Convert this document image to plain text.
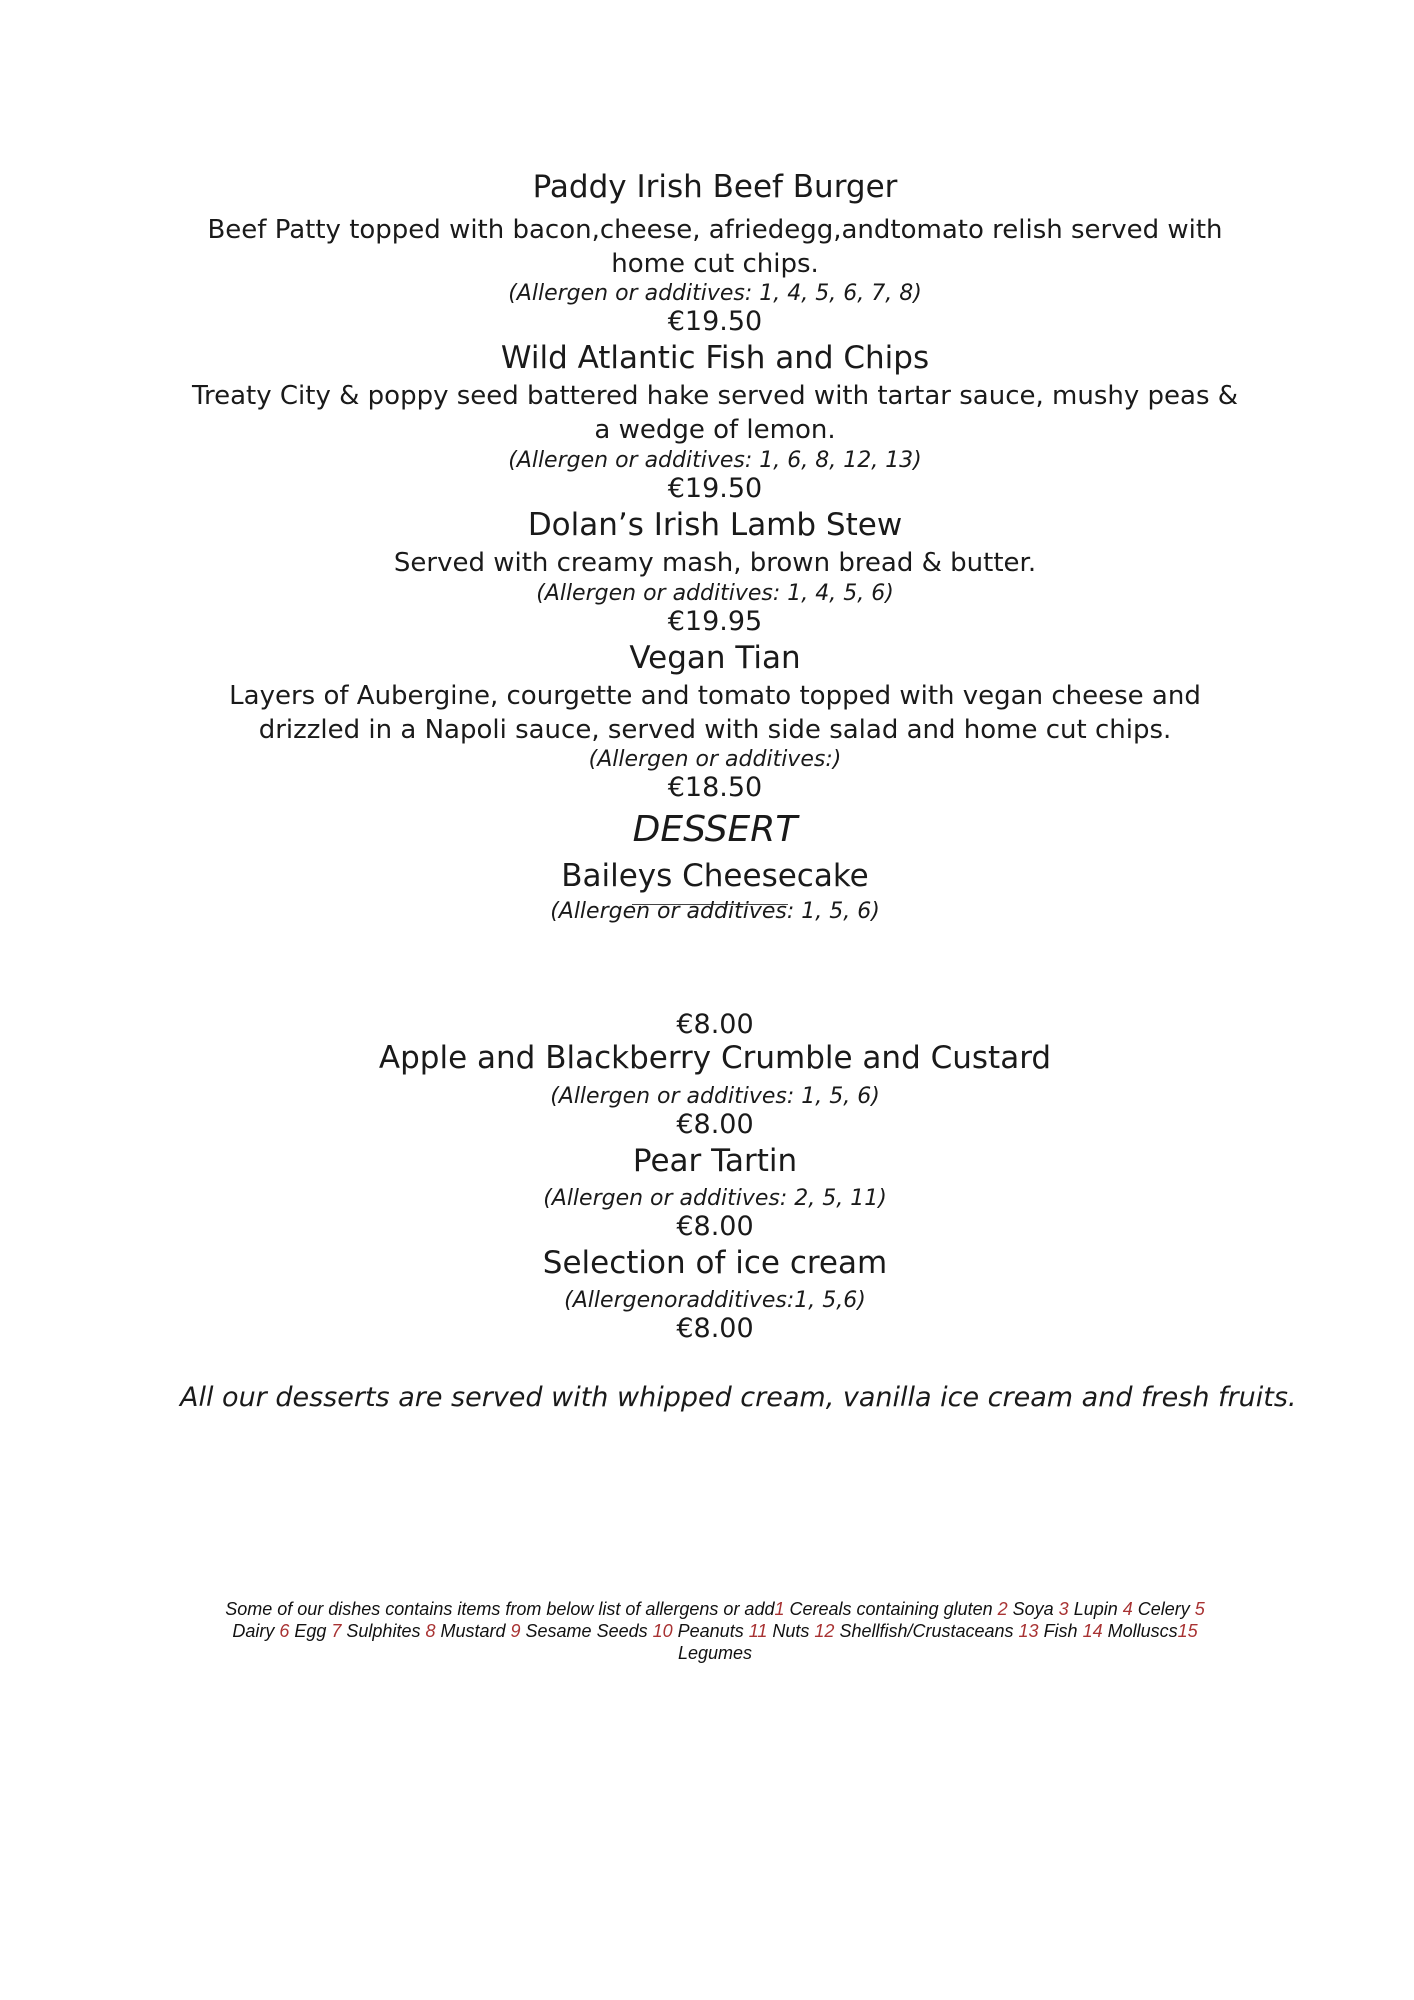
Paddy Irish Beef Burger
Beef Patty topped with bacon,cheese, afriedegg,andtomato relish served with home cut chips.
(Allergen or additives: 1, 4, 5, 6, 7, 8)
€19.50
Wild Atlantic Fish and Chips
Treaty City & poppy seed battered hake served with tartar sauce, mushy peas & a wedge of lemon.
(Allergen or additives: 1, 6, 8, 12, 13)
€19.50
Dolan’s Irish Lamb Stew
Served with creamy mash, brown bread & butter.
(Allergen or additives: 1, 4, 5, 6)
€19.95
Vegan Tian
Layers of Aubergine, courgette and tomato topped with vegan cheese and drizzled in a Napoli sauce, served with side salad and home cut chips.
(Allergen or additives:)
€18.50
DESSERT
Baileys Cheesecake
(Allergen or additives: 1, 5, 6)
€8.00
Apple and Blackberry Crumble and Custard
(Allergen or additives: 1, 5, 6)
€8.00
Pear Tartin
(Allergen or additives: 2, 5, 11)
€8.00
Selection of ice cream
(Allergenoradditives:1, 5,6)
€8.00
All our desserts are served with whipped cream, vanilla ice cream and fresh fruits.
Some of our dishes contains items from below list of allergens or add1 Cereals containing gluten 2 Soya 3 Lupin 4 Celery 5
Dairy 6 Egg 7 Sulphites 8 Mustard 9 Sesame Seeds 10 Peanuts 11 Nuts 12 Shellfish/Crustaceans 13 Fish 14 Molluscs15
Legumes
